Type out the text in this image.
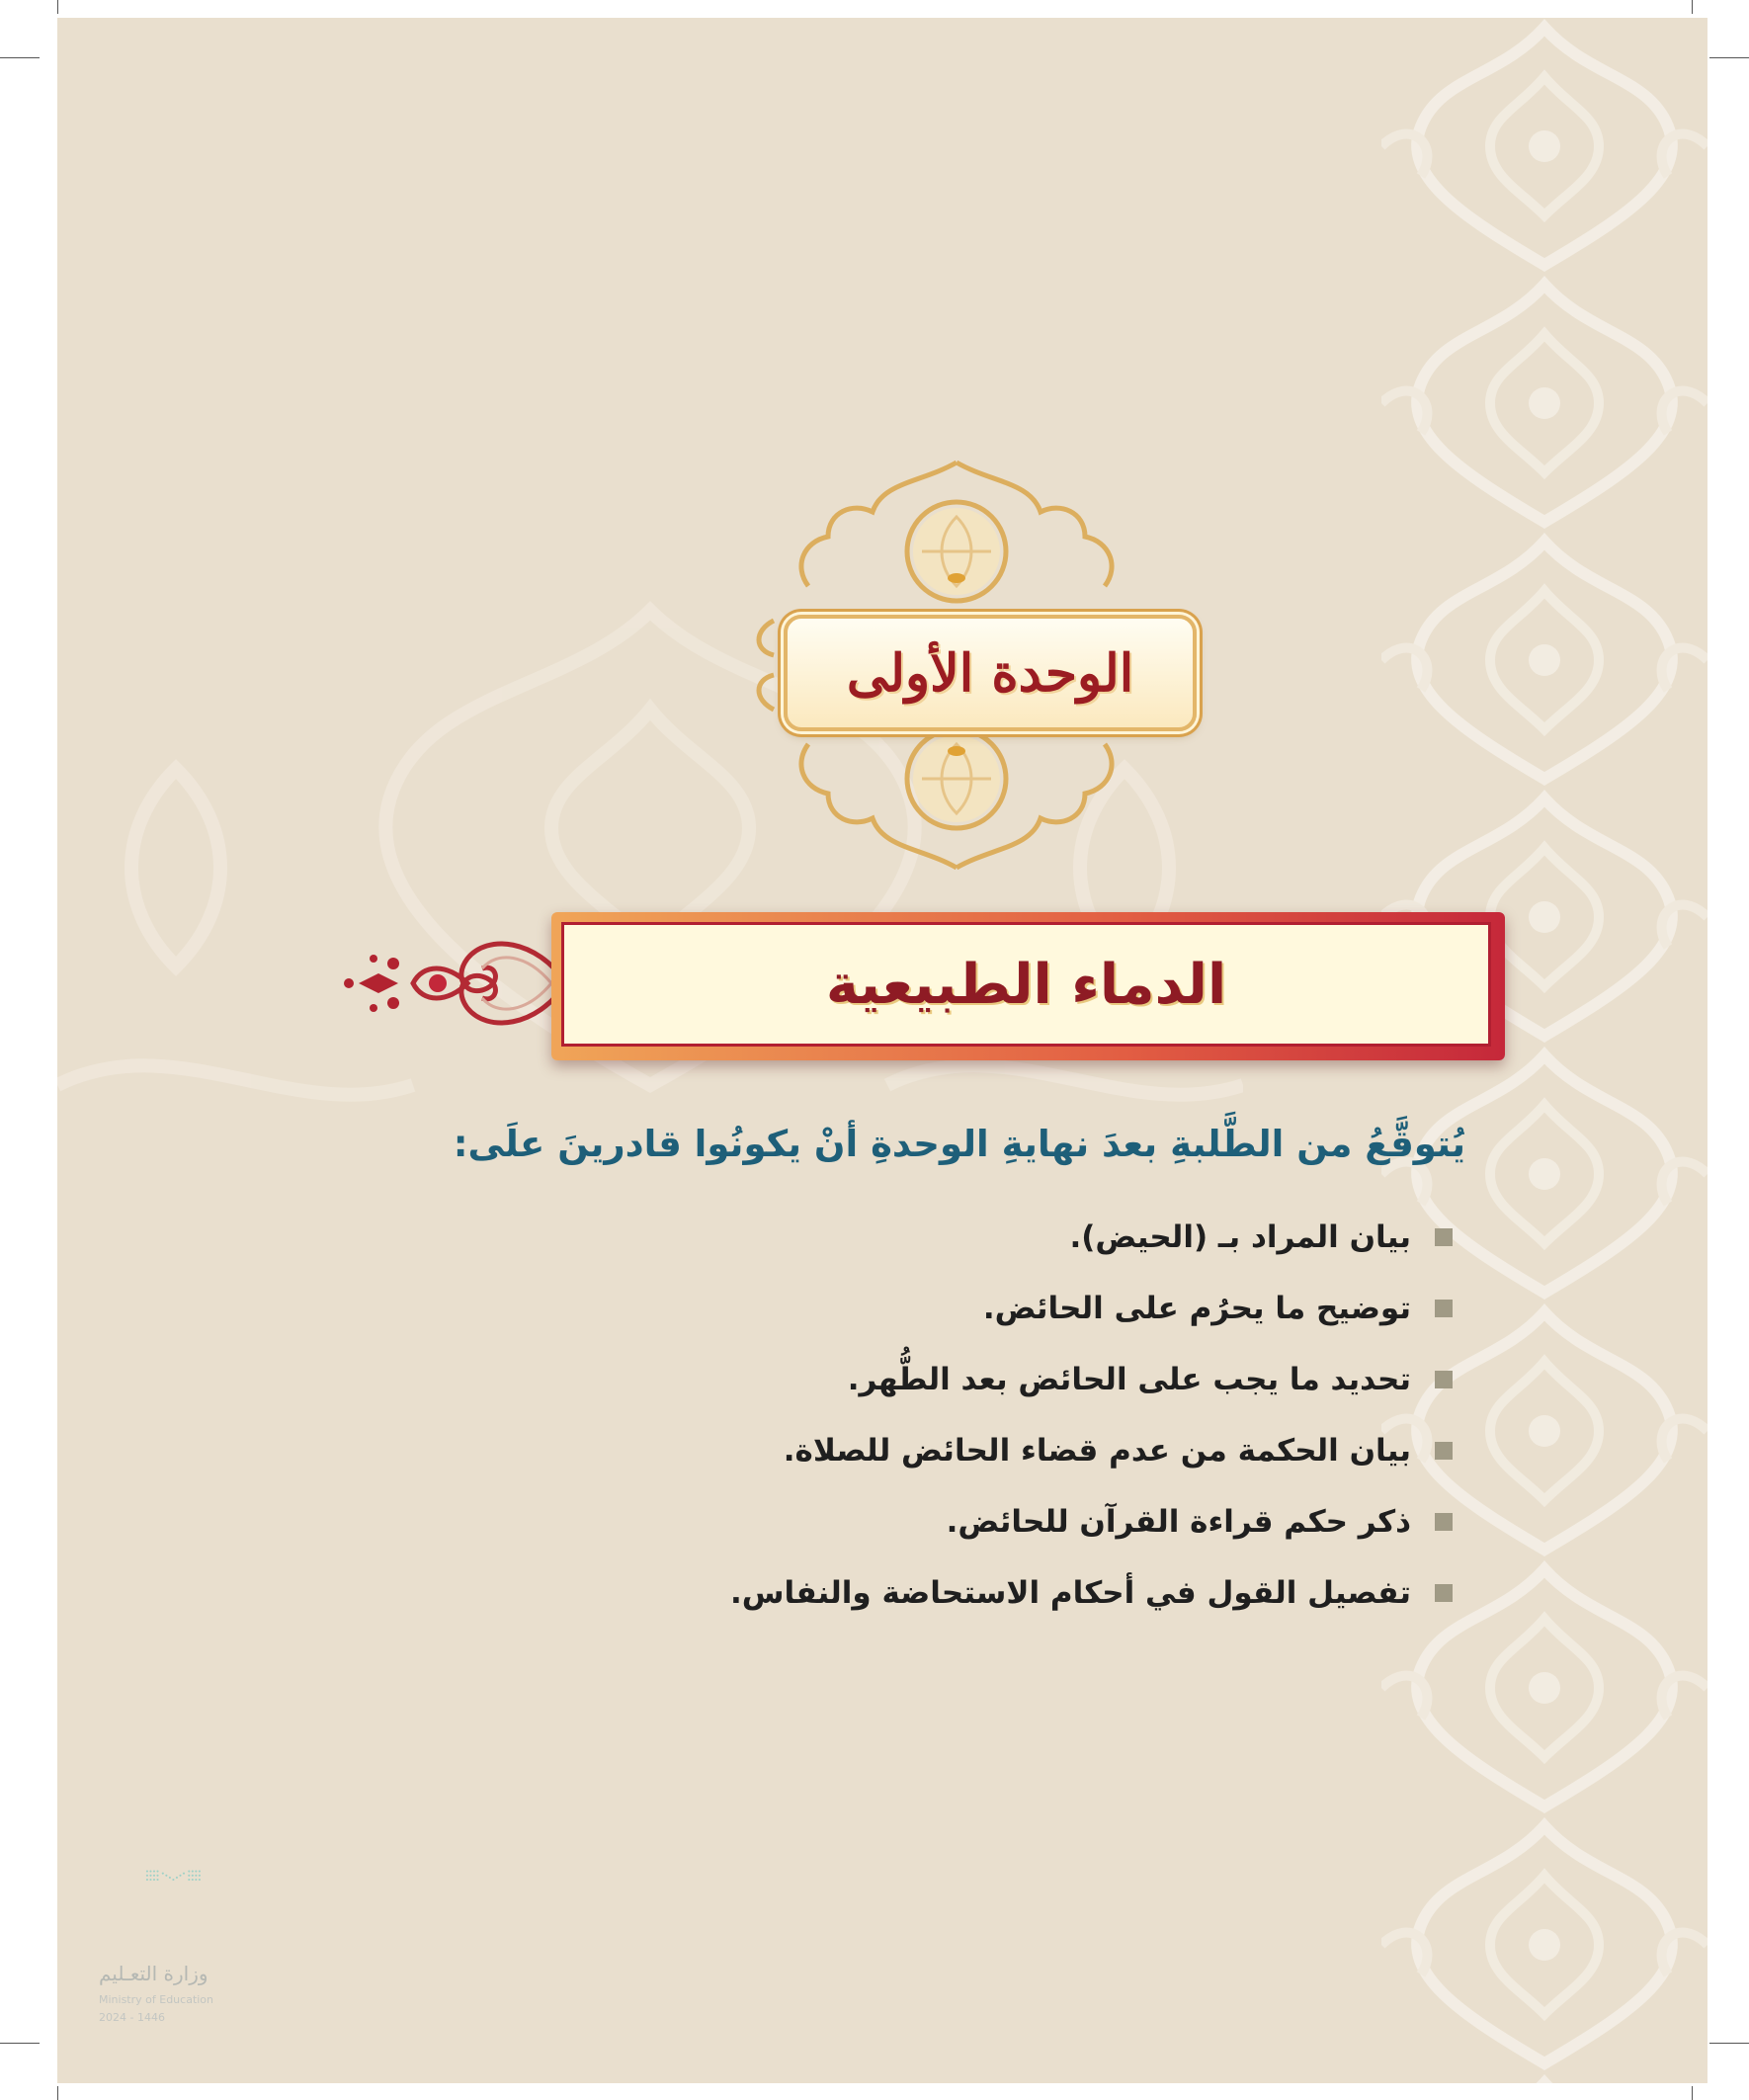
الوحدة الأولى
الدماء الطبيعية
يُتوقَّعُ من الطَّلبةِ بعدَ نهايةِ الوحدةِ أنْ يكونُوا قادرينَ علَى:
بيان المراد بـ (الحيض).
توضيح ما يحرُم على الحائض.
تحديد ما يجب على الحائض بعد الطُّهر.
بيان الحكمة من عدم قضاء الحائض للصلاة.
ذكر حكم قراءة القرآن للحائض.
تفصيل القول في أحكام الاستحاضة والنفاس.
وزارة التعـليم
Ministry of Education
2024 - 1446
